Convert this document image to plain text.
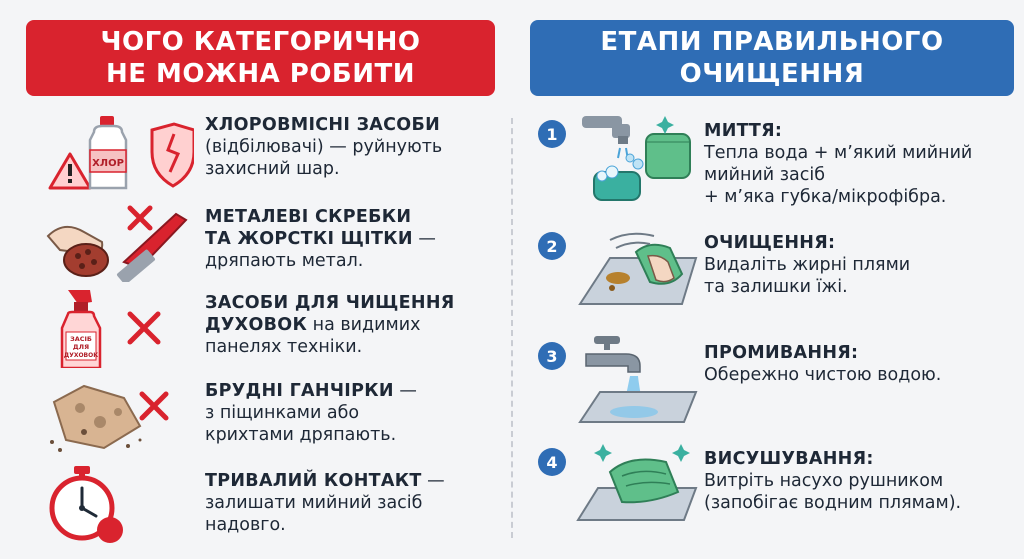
ЧОГО КАТЕГОРИЧНО
НЕ МОЖНА РОБИТИ
ХЛОР
ХЛОРОВМІСНІ ЗАСОБИ
(відбілювачі) — руйнують
захисний шар.
МЕТАЛЕВІ СКРЕБКИ
ТА ЖОРСТКІ ЩІТКИ —
дряпають метал.
ЗАСІБ
ДЛЯ
ДУХОВОК
ЗАСОБИ ДЛЯ ЧИЩЕННЯ
ДУХОВОК на видимих
панелях техніки.
БРУДНІ ГАНЧІРКИ —
з піщинками або
крихтами дряпають.
ТРИВАЛИЙ КОНТАКТ —
залишати мийний засіб
надовго.
ЕТАПИ ПРАВИЛЬНОГО
ОЧИЩЕННЯ
1	МИТТЯ:
Тепла вода + м’який мийний
мийний засіб
+ м’яка губка/мікрофібра.
2	ОЧИЩЕННЯ:
Видаліть жирні плями
та залишки їжі.
3	ПРОМИВАННЯ:
Обережно чистою водою.
4	ВИСУШУВАННЯ:
Витріть насухо рушником
(запобігає водним плямам).
